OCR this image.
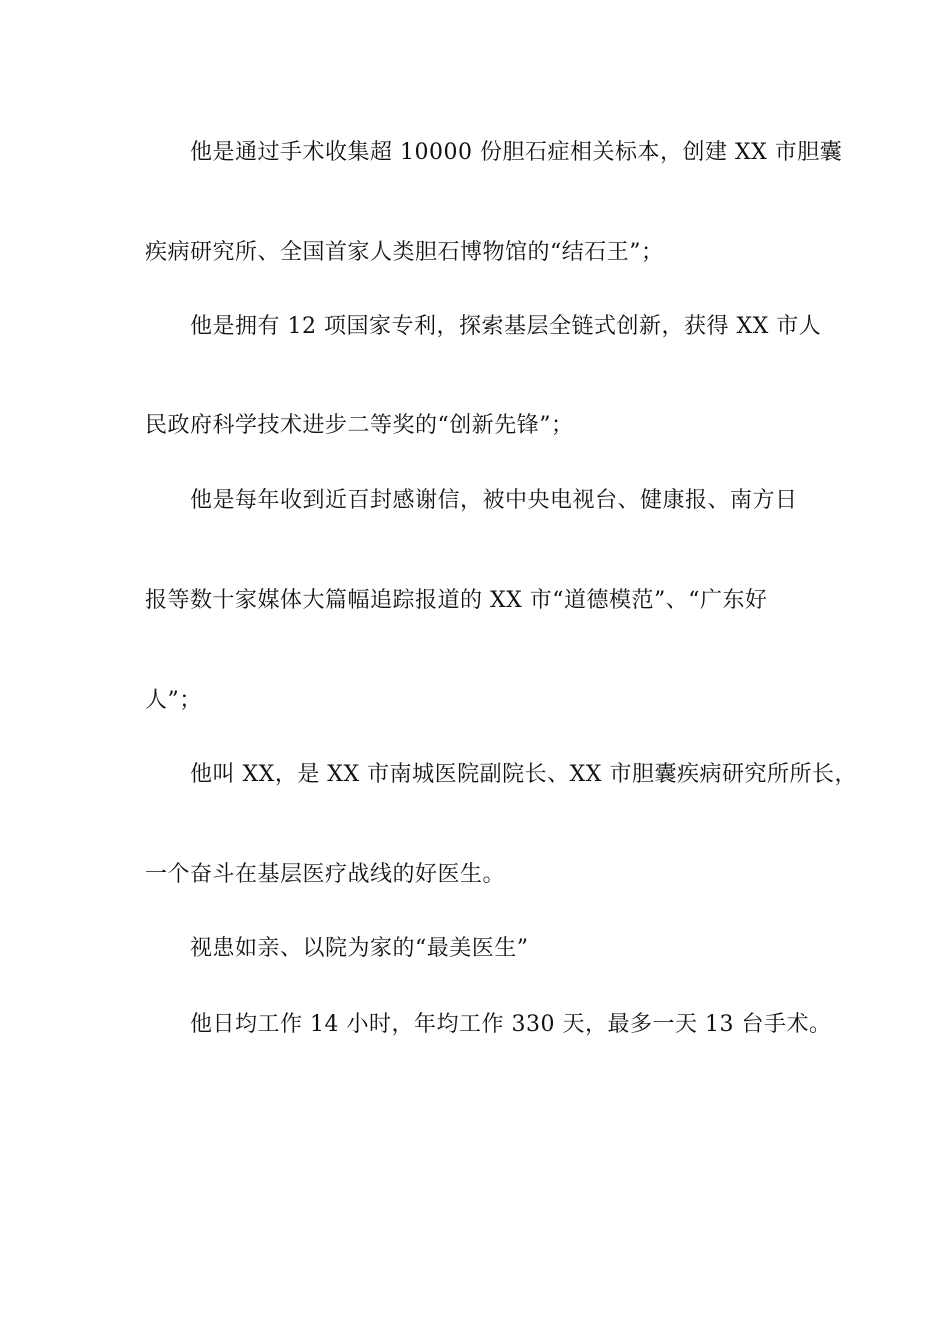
他是通过手术收集超 10000 份胆石症相关标本，创建 XX 市胆囊
疾病研究所、全国首家人类胆石博物馆的“结石王”；
他是拥有 12 项国家专利，探索基层全链式创新，获得 XX 市人
民政府科学技术进步二等奖的“创新先锋”；
他是每年收到近百封感谢信，被中央电视台、健康报、南方日
报等数十家媒体大篇幅追踪报道的 XX 市“道德模范”、“广东好
人”；
他叫 XX，是 XX 市南城医院副院长、XX 市胆囊疾病研究所所长，
一个奋斗在基层医疗战线的好医生。
视患如亲、以院为家的“最美医生”
他日均工作 14 小时，年均工作 330 天，最多一天 13 台手术。
